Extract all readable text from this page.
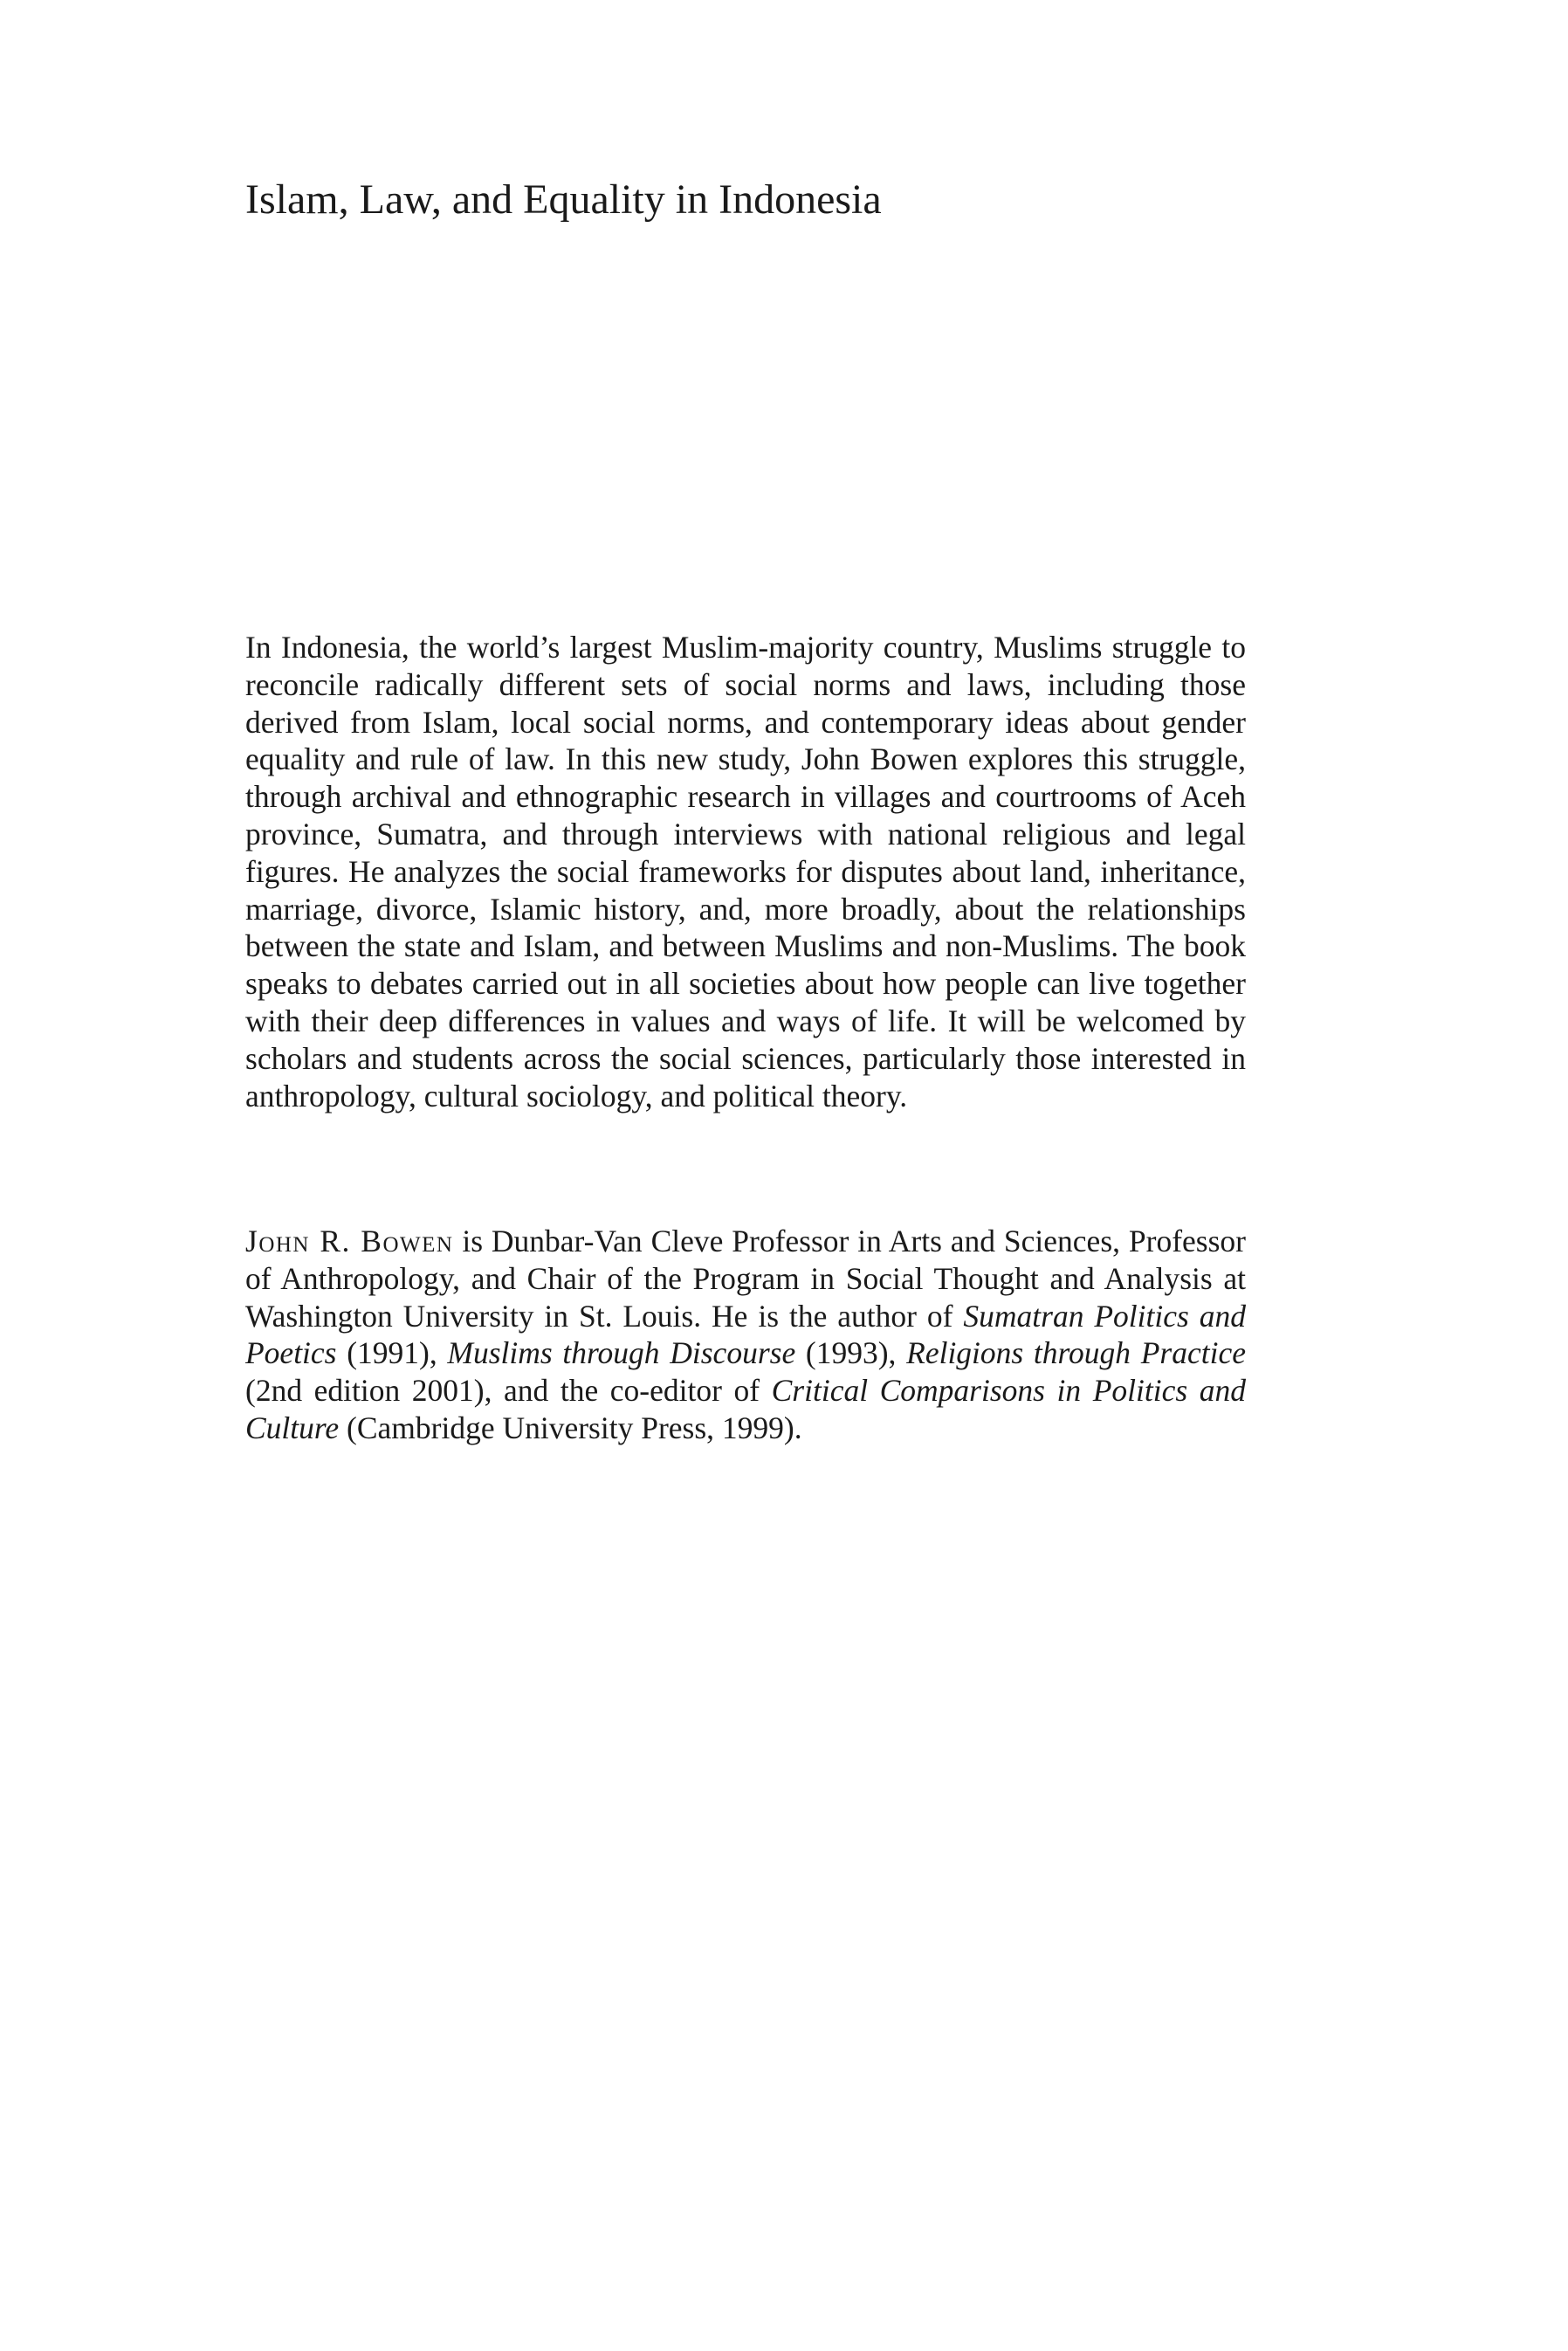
Islam, Law, and Equality in Indonesia

In Indonesia, the world’s largest Muslim-majority country, Muslims struggle to reconcile radically different sets of social norms and laws, including those derived from Islam, local social norms, and contemporary ideas about gender equality and rule of law. In this new study, John Bowen explores this struggle, through archival and ethnographic research in villages and courtrooms of Aceh province, Sumatra, and through interviews with national religious and legal figures. He analyzes the social frameworks for disputes about land, inheritance, marriage, divorce, Islamic history, and, more broadly, about the relationships between the state and Islam, and between Muslims and non-Muslims. The book speaks to debates carried out in all societies about how people can live together with their deep differences in values and ways of life. It will be welcomed by scholars and students across the social sciences, particularly those interested in anthropology, cultural sociology, and political theory.

John R. Bowen is Dunbar-Van Cleve Professor in Arts and Sciences, Professor of Anthropology, and Chair of the Program in Social Thought and Analysis at Washington University in St. Louis. He is the author of Sumatran Politics and Poetics (1991), Muslims through Discourse (1993), Religions through Practice (2nd edition 2001), and the co-editor of Critical Comparisons in Politics and Culture (Cambridge University Press, 1999).
